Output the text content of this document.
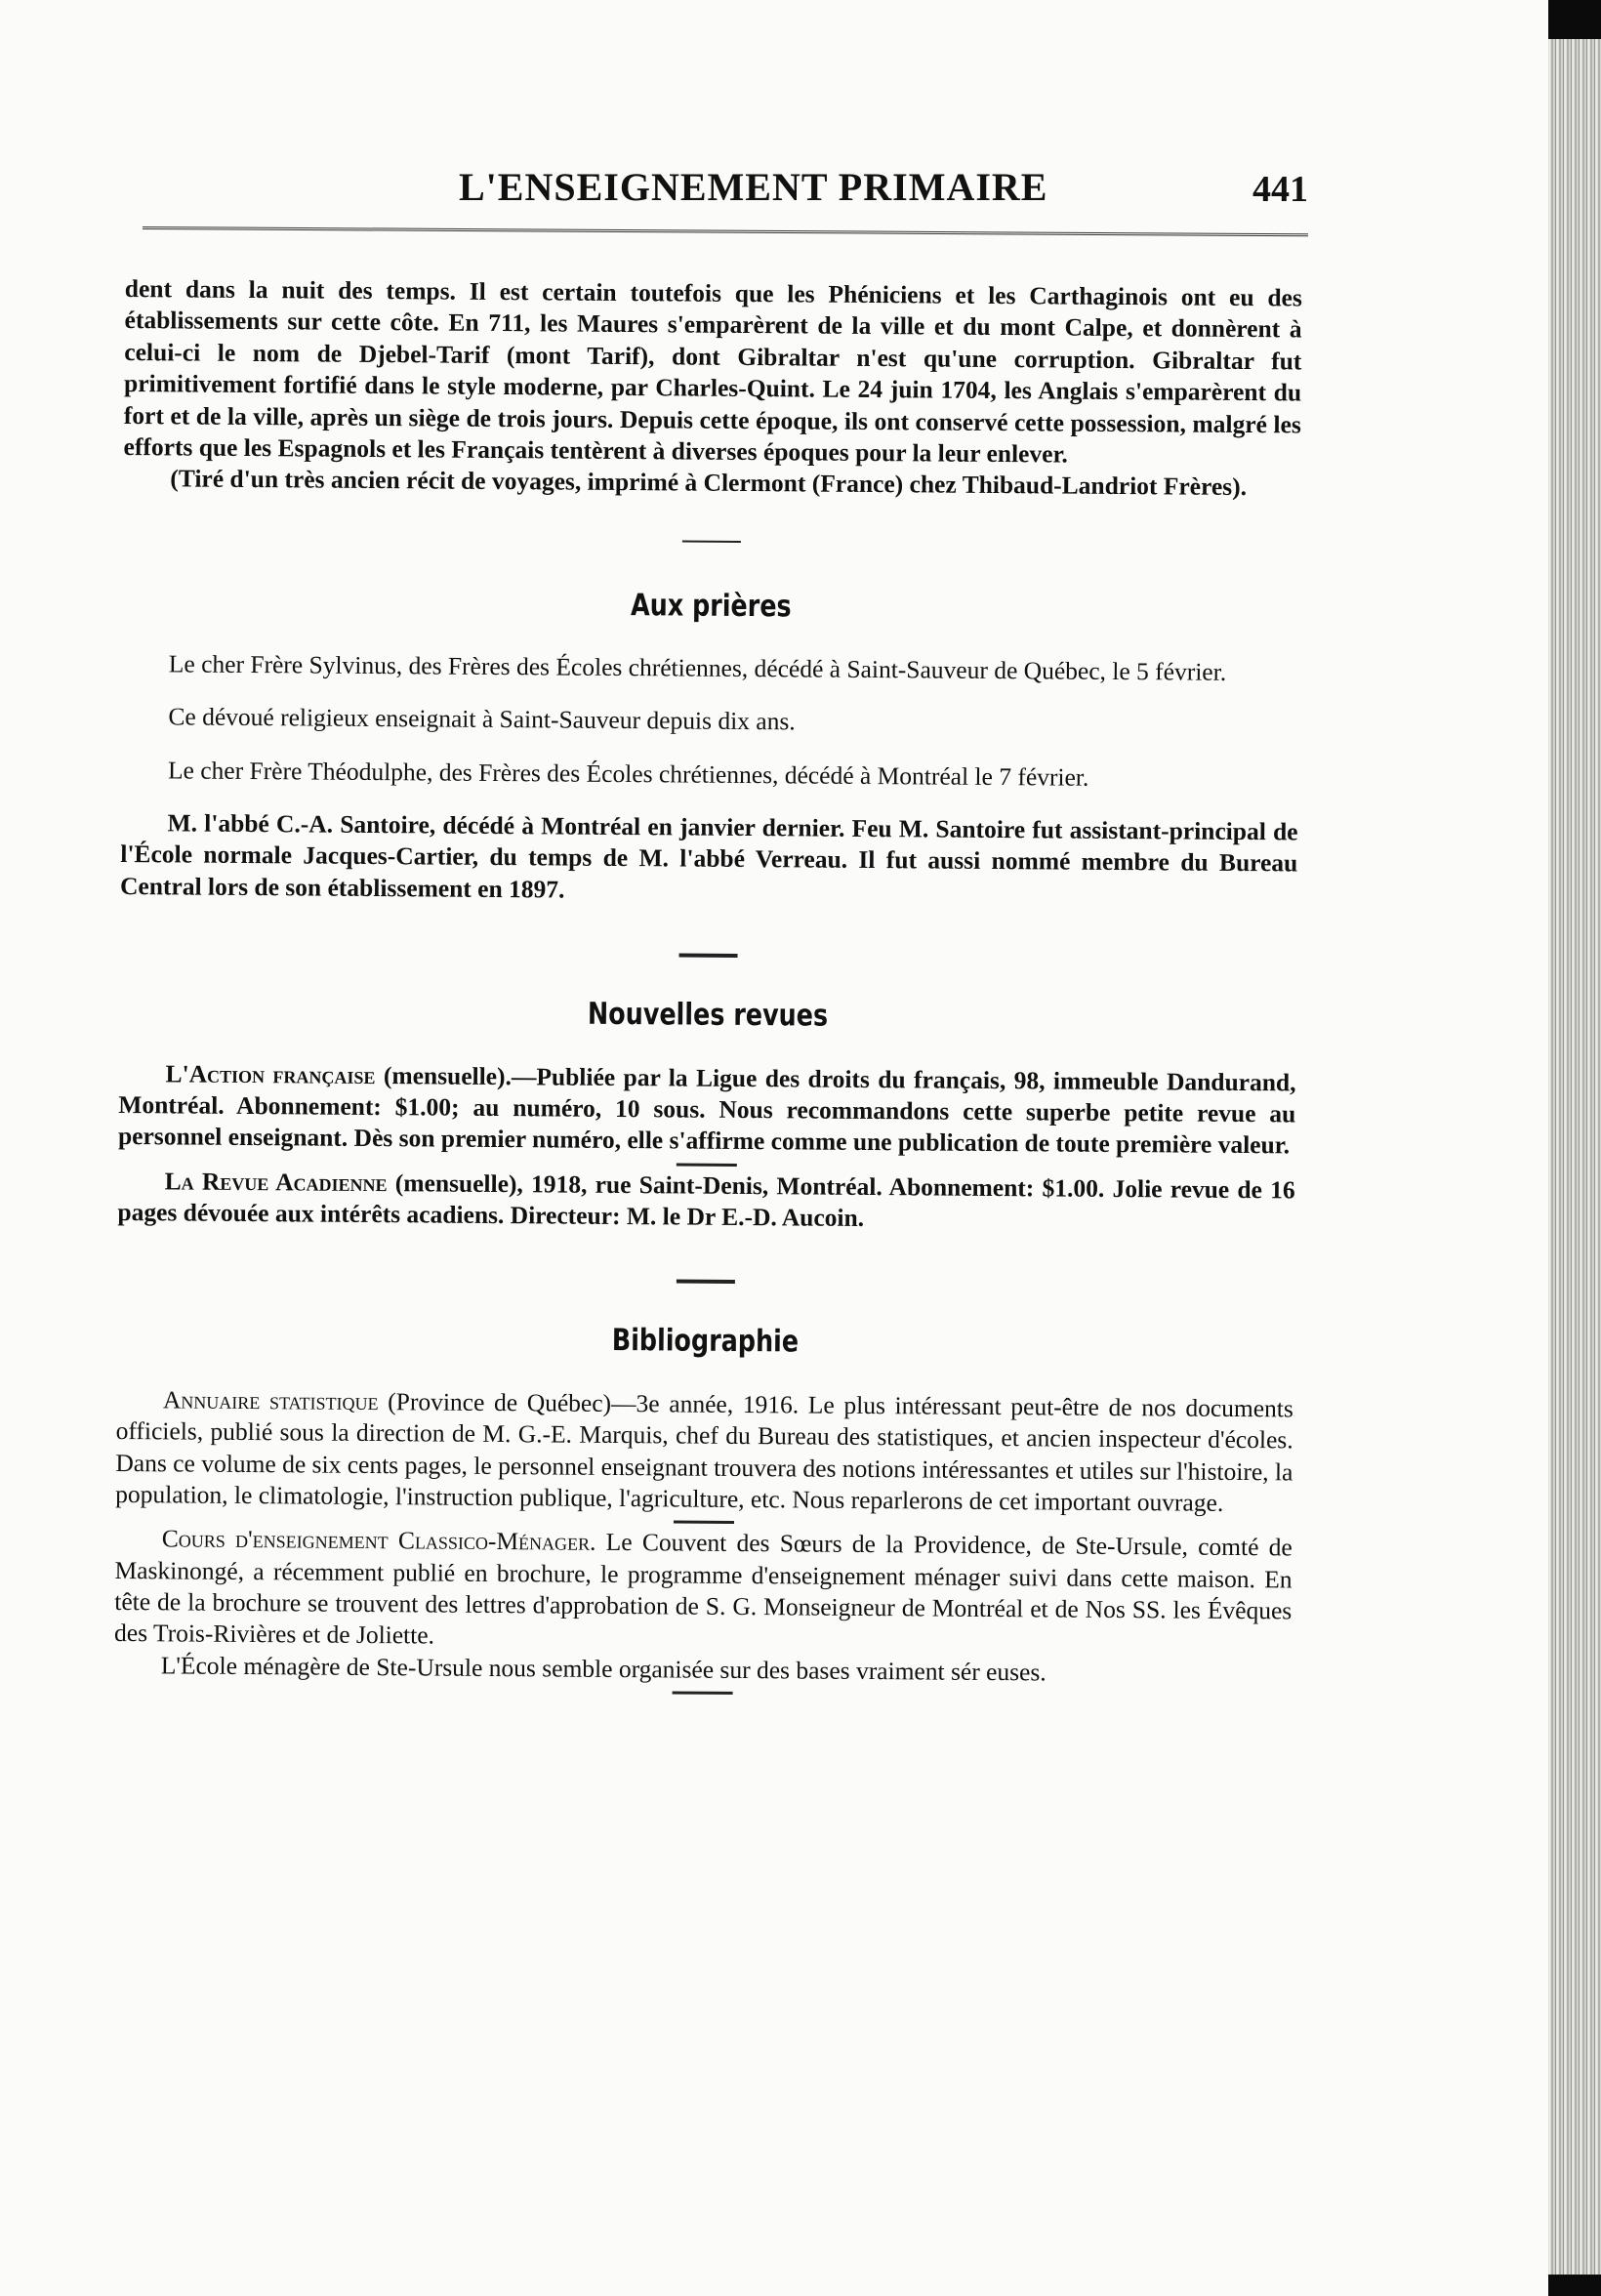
L'ENSEIGNEMENT PRIMAIRE	441

dent dans la nuit des temps. Il est certain toutefois que les Phéniciens et les Carthaginois ont eu des établissements sur cette côte. En 711, les Maures s'emparèrent de la ville et du mont Calpe, et donnèrent à celui-ci le nom de Djebel-Tarif (mont Tarif), dont Gibraltar n'est qu'une corruption. Gibraltar fut primitivement fortifié dans le style moderne, par Charles-Quint. Le 24 juin 1704, les Anglais s'emparèrent du fort et de la ville, après un siège de trois jours. Depuis cette époque, ils ont conservé cette possession, malgré les efforts que les Espagnols et les Français tentèrent à diverses époques pour la leur enlever.

(Tiré d'un très ancien récit de voyages, imprimé à Clermont (France) chez Thibaud-Landriot Frères).

Aux prières

Le cher Frère Sylvinus, des Frères des Écoles chrétiennes, décédé à Saint-Sauveur de Québec, le 5 février.

Ce dévoué religieux enseignait à Saint-Sauveur depuis dix ans.

Le cher Frère Théodulphe, des Frères des Écoles chrétiennes, décédé à Montréal le 7 février.

M. l'abbé C.-A. Santoire, décédé à Montréal en janvier dernier. Feu M. Santoire fut assistant-principal de l'École normale Jacques-Cartier, du temps de M. l'abbé Verreau. Il fut aussi nommé membre du Bureau Central lors de son établissement en 1897.

Nouvelles revues

L'Action française (mensuelle).—Publiée par la Ligue des droits du français, 98, immeuble Dandurand, Montréal. Abonnement: $1.00; au numéro, 10 sous. Nous recommandons cette superbe petite revue au personnel enseignant. Dès son premier numéro, elle s'affirme comme une publication de toute première valeur.

La Revue Acadienne (mensuelle), 1918, rue Saint-Denis, Montréal. Abonnement: $1.00. Jolie revue de 16 pages dévouée aux intérêts acadiens. Directeur: M. le Dr E.-D. Aucoin.

Bibliographie

Annuaire statistique (Province de Québec)—3e année, 1916. Le plus intéressant peut-être de nos documents officiels, publié sous la direction de M. G.-E. Marquis, chef du Bureau des statistiques, et ancien inspecteur d'écoles. Dans ce volume de six cents pages, le personnel enseignant trouvera des notions intéressantes et utiles sur l'histoire, la population, le climatologie, l'instruction publique, l'agriculture, etc. Nous reparlerons de cet important ouvrage.

Cours d'enseignement Classico-Ménager. Le Couvent des Sœurs de la Providence, de Ste-Ursule, comté de Maskinongé, a récemment publié en brochure, le programme d'enseignement ménager suivi dans cette maison. En tête de la brochure se trouvent des lettres d'approbation de S. G. Monseigneur de Montréal et de Nos SS. les Évêques des Trois-Rivières et de Joliette.

L'École ménagère de Ste-Ursule nous semble organisée sur des bases vraiment sér euses.
